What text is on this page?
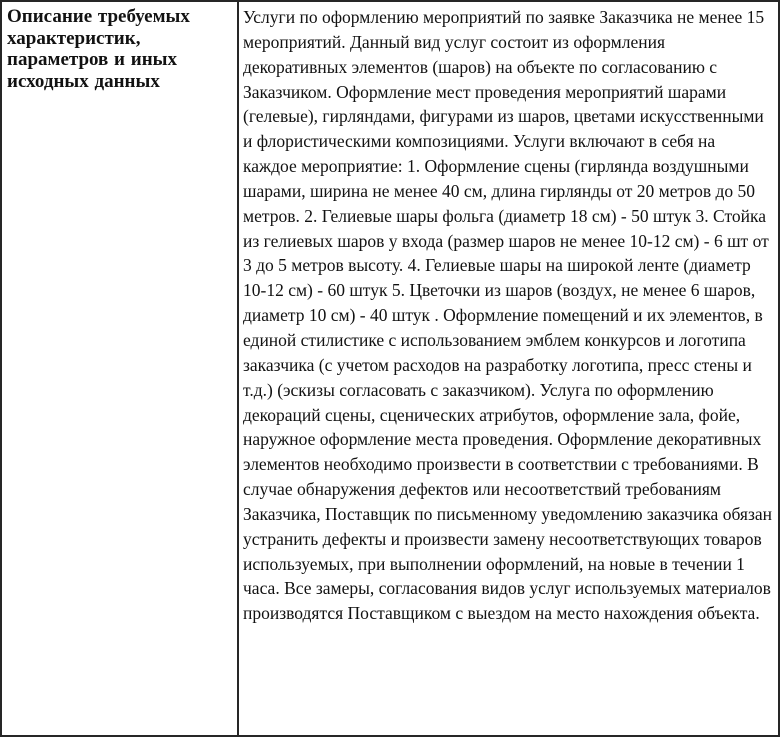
Описание требуемых характеристик, параметров и иных исходных данных
Услуги по оформлению мероприятий по заявке Заказчика не менее 15 мероприятий. Данный вид услуг состоит из оформления декоративных элементов (шаров) на объекте по согласованию с Заказчиком. Оформление мест проведения мероприятий шарами (гелевые), гирляндами, фигурами из шаров, цветами искусственными и флористическими композициями. Услуги включают в себя на каждое мероприятие: 1. Оформление сцены (гирлянда воздушными шарами, ширина не менее 40 см, длина гирлянды от 20 метров до 50 метров. 2. Гелиевые шары фольга (диаметр 18 см) - 50 штук 3. Стойка из гелиевых шаров у входа (размер шаров не менее 10-12 см) - 6 шт от 3 до 5 метров высоту. 4. Гелиевые шары на широкой ленте (диаметр 10-12 см) - 60 штук 5. Цветочки из шаров (воздух, не менее 6 шаров, диаметр 10 см) - 40 штук . Оформление помещений и их элементов, в единой стилистике с использованием эмблем конкурсов и логотипа заказчика (с учетом расходов на разработку логотипа, пресс стены и т.д.) (эскизы согласовать с заказчиком). Услуга по оформлению декораций сцены, сценических атрибутов, оформление зала, фойе, наружное оформление места проведения. Оформление декоративных элементов необходимо произвести в соответствии с требованиями. В случае обнаружения дефектов или несоответствий требованиям Заказчика, Поставщик по письменному уведомлению заказчика обязан устранить дефекты и произвести замену несоответствующих товаров используемых, при выполнении оформлений, на новые в течении 1 часа. Все замеры, согласования видов услуг используемых материалов производятся Поставщиком с выездом на место нахождения объекта.
